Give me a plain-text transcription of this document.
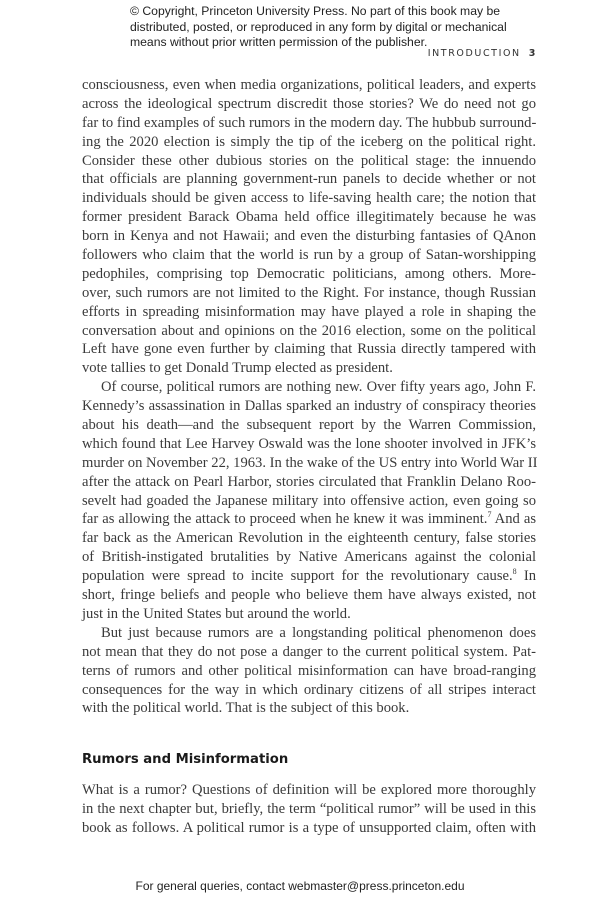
© Copyright, Princeton University Press. No part of this book may be
distributed, posted, or reproduced in any form by digital or mechanical
means without prior written permission of the publisher.
INTRODUCTION 3
consciousness, even when media organizations, political leaders, and experts
across the ideological spectrum discredit those stories? We do need not go
far to find examples of such rumors in the modern day. The hubbub surround-
ing the 2020 election is simply the tip of the iceberg on the political right.
Consider these other dubious stories on the political stage: the innuendo
that officials are planning government-run panels to decide whether or not
individuals should be given access to life-saving health care; the notion that
former president Barack Obama held office illegitimately because he was
born in Kenya and not Hawaii; and even the disturbing fantasies of QAnon
followers who claim that the world is run by a group of Satan-worshipping
pedophiles, comprising top Democratic politicians, among others. More-
over, such rumors are not limited to the Right. For instance, though Russian
efforts in spreading misinformation may have played a role in shaping the
conversation about and opinions on the 2016 election, some on the political
Left have gone even further by claiming that Russia directly tampered with
vote tallies to get Donald Trump elected as president.
Of course, political rumors are nothing new. Over fifty years ago, John F.
Kennedy’s assassination in Dallas sparked an industry of conspiracy theories
about his death—and the subsequent report by the Warren Commission,
which found that Lee Harvey Oswald was the lone shooter involved in JFK’s
murder on November 22, 1963. In the wake of the US entry into World War II
after the attack on Pearl Harbor, stories circulated that Franklin Delano Roo-
sevelt had goaded the Japanese military into offensive action, even going so
far as allowing the attack to proceed when he knew it was imminent.$^7$ And as
far back as the American Revolution in the eighteenth century, false stories
of British-instigated brutalities by Native Americans against the colonial
population were spread to incite support for the revolutionary cause.$^8$ In
short, fringe beliefs and people who believe them have always existed, not
just in the United States but around the world.
But just because rumors are a longstanding political phenomenon does
not mean that they do not pose a danger to the current political system. Pat-
terns of rumors and other political misinformation can have broad-ranging
consequences for the way in which ordinary citizens of all stripes interact
with the political world. That is the subject of this book.
Rumors and Misinformation
What is a rumor? Questions of definition will be explored more thoroughly
in the next chapter but, briefly, the term “political rumor” will be used in this
book as follows. A political rumor is a type of unsupported claim, often with
For general queries, contact webmaster@press.princeton.edu
